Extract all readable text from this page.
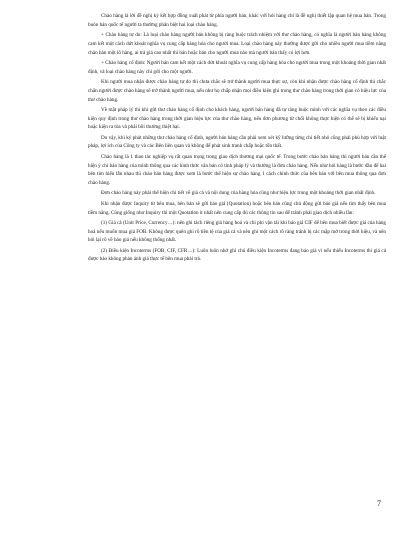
Chào hàng là lời đề nghị ký kết hợp đồng xuất phát từ phía người bán, khác với hỏi hàng chỉ là đề nghị thiết lập quan hệ mua bán. Trong buôn bán quốc tế người ta thường phân biệt hai loại chào hàng.

+ Chào hàng tự do: Là loại chào hàng người bán không bị ràng buộc trách nhiệm với thư chào hàng, có nghĩa là người bán hàng không cam kết một cách dứt khoát nghĩa vụ cung cấp hàng hóa cho người mua. Loại chào hàng này thường được gửi cho nhiều người mua tiềm năng chào hàn một lô hàng, ai trả giá cao nhất thì bán hoặc bán cho người mua nào mà người bán thấy có lợi hơn.

+ Chào hàng cố định: Người bán cam kết một cách dứt khoát nghĩa vụ cung cấp hàng hóa cho người mua trong một khoảng thời gian nhất định, và loại chào hàng này chỉ gửi cho một người.

Khi người mua nhận được chào hàng tự do thì chưa chắc sẽ trở thành người mua thực sự, còn khi nhận được chào hàng cố định thì chắc chắn người được chào hàng sẽ trở thành người mua, nếu như họ chấp nhận mọi điều kiện ghi trong thư chào hàng trong thời gian có hiệu lực của thư chào hàng.

Về mặt pháp lý thì khi gửi thư chào hàng cố định cho khách hàng, người bán hàng đã tự ràng buộc mình với các nghĩa vụ theo các điều kiện quy định trong thư chào hàng trong thời gian hiệu lực của thư chào hàng, nếu đơn phương từ chối không thực hiện có thể sẽ bị khiếu nại hoặc kiện ra tòa và phải bồi thường thiệt hại.

Do vậy, khi ký phát những thư chào hàng cố định, người bán hàng cần phải xem xét kỹ lưỡng từng chi tiết nhỏ cũng phải phù hợp với luật pháp, lợi ích của Công ty và các Bên liên quan và không để phát sinh tranh chấp hoặc tổn thất.

Chào hàng là 1 thao tác nghiệp vụ rất quan trọng trong giao dịch thương mại quốc tế. Trong bước chào bán hàng thì người bán cần thể hiện ý chí bán hàng của mình thông qua các hình thức văn bản có tính pháp lý và thường là đơn chào hàng. Nếu như hỏi hàng là bước đầu để hai bên tìm hiểu lẫn nhau thì chào bán hàng được xem là bước thể hiện sự chào hàng 1 cách chính thức của bên bán với bên mua thông qua đơn chào hàng.

Đơn chào hàng này phải thể hiện chi tiết về giá cả và nội dung của hàng hóa cũng như hiệu lực trong một khoảng thời gian nhất định.

Khi nhận được Inquiry từ bên mua, bên bán sẽ gửi báo giá (Quotation) hoặc bên bán cũng chủ động gửi báo giá nếu tìm thấy bên mua tiềm năng. Cũng giống như Inquiry thì một Quotation ít nhất nên cung cấp đủ các thông tin sau để tránh phải giao dịch nhiều lần:

(1) Giá cả (Unit Price, Currency…): nên ghi tách riêng giá hàng hoá và chi phí vận tải khi báo giá CIF để bên mua biết được giá của hàng hoá nếu muốn mua giá FOB. Không được quên ghi rõ tiền tệ của giá cả và nên ghi một cách rõ ràng tránh bị các mập mờ trong thời hiệu, và nên hỏi lại rõ về báo giá nếu không thống nhất.

(2) Điều kiện Incoterms (FOB, CIF, CFR…): Luôn luôn nhớ ghi chú điều kiện Incoterms đang báo giá vì nếu thiếu Incoterms thì giá cả được báo không phản ánh giá thực tế bên mua phải trả.

7
